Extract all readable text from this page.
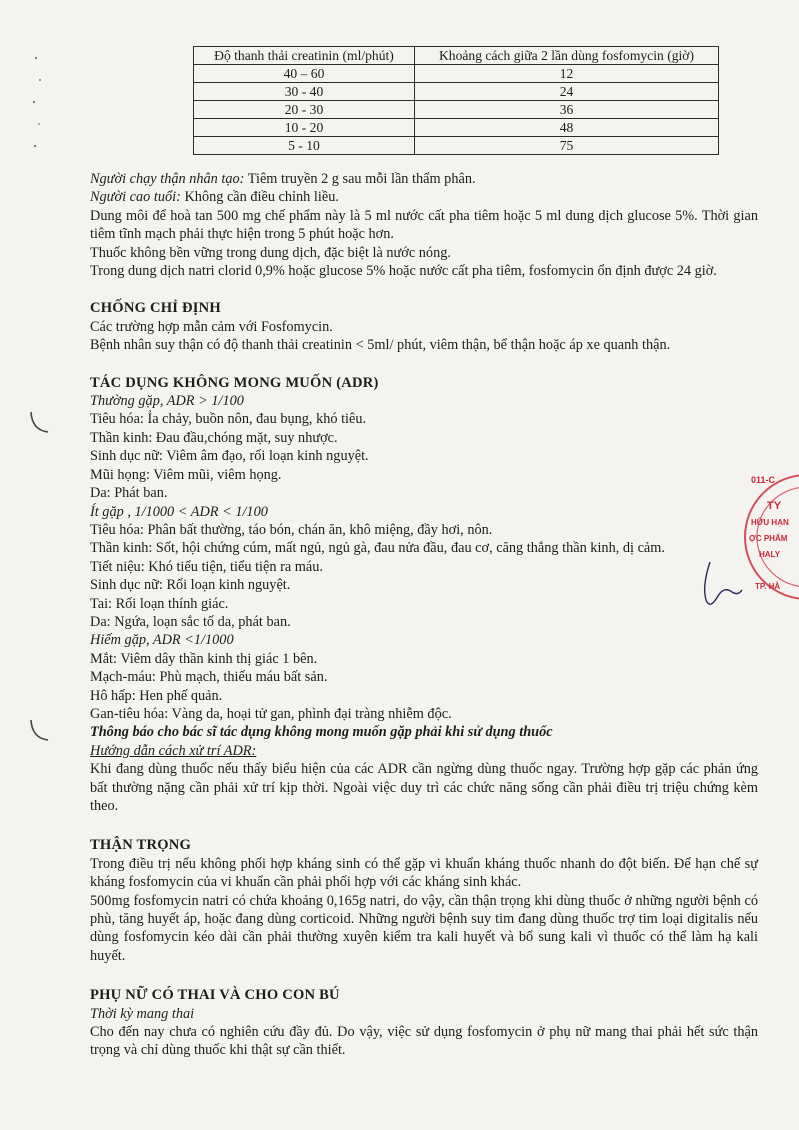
011-C
TY
HỮU HẠN
ỢC PHẨM
HALY
TP. HÀ
Độ thanh thải creatinin (ml/phút)	Khoảng cách giữa 2 lần dùng fosfomycin (giờ)
40 – 60	12
30 - 40	24
20 - 30	36
10 - 20	48
5 - 10	75

Người chạy thận nhân tạo: Tiêm truyền 2 g sau mỗi lần thẩm phân.

Người cao tuổi: Không cần điều chỉnh liều.

Dung môi để hoà tan 500 mg chế phẩm này là 5 ml nước cất pha tiêm hoặc 5 ml dung dịch glucose 5%. Thời gian tiêm tĩnh mạch phải thực hiện trong 5 phút hoặc hơn.

Thuốc không bền vững trong dung dịch, đặc biệt là nước nóng.

Trong dung dịch natri clorid 0,9% hoặc glucose 5% hoặc nước cất pha tiêm, fosfomycin ổn định được 24 giờ.

CHỐNG CHỈ ĐỊNH

Các trường hợp mẫn cảm với Fosfomycin.

Bệnh nhân suy thận có độ thanh thải creatinin < 5ml/ phút, viêm thận, bể thận hoặc áp xe quanh thận.

TÁC DỤNG KHÔNG MONG MUỐN (ADR)

Thường gặp, ADR > 1/100

Tiêu hóa: Ỉa chảy, buồn nôn, đau bụng, khó tiêu.

Thần kinh: Đau đầu,chóng mặt, suy nhược.

Sinh dục nữ: Viêm âm đạo, rối loạn kinh nguyệt.

Mũi họng: Viêm mũi, viêm họng.

Da: Phát ban.

Ít gặp , 1/1000 < ADR < 1/100

Tiêu hóa: Phân bất thường, táo bón, chán ăn, khô miệng, đầy hơi, nôn.

Thần kinh: Sốt, hội chứng cúm, mất ngủ, ngủ gà, đau nửa đầu, đau cơ, căng thẳng thần kinh, dị cảm.

Tiết niệu: Khó tiểu tiện, tiểu tiện ra máu.

Sinh dục nữ: Rối loạn kinh nguyệt.

Tai: Rối loạn thính giác.

Da: Ngứa, loạn sắc tố da, phát ban.

Hiếm gặp, ADR <1/1000

Mắt: Viêm dây thần kinh thị giác 1 bên.

Mạch-máu: Phù mạch, thiếu máu bất sản.

Hô hấp: Hen phế quản.

Gan-tiêu hóa: Vàng da, hoại tử gan, phình đại tràng nhiễm độc.

Thông báo cho bác sĩ tác dụng không mong muốn gặp phải khi sử dụng thuốc

Hướng dẫn cách xử trí ADR:

Khi đang dùng thuốc nếu thấy biểu hiện của các ADR cần ngừng dùng thuốc ngay. Trường hợp gặp các phản ứng bất thường nặng cần phải xử trí kịp thời. Ngoài việc duy trì các chức năng sống cần phải điều trị triệu chứng kèm theo.

THẬN TRỌNG

Trong điều trị nếu không phối hợp kháng sinh có thể gặp vi khuẩn kháng thuốc nhanh do đột biến. Để hạn chế sự kháng fosfomycin của vi khuẩn cần phải phối hợp với các kháng sinh khác.

500mg fosfomycin natri có chứa khoảng 0,165g natri, do vậy, cần thận trọng khi dùng thuốc ở những người bệnh có phù, tăng huyết áp, hoặc đang dùng corticoid. Những người bệnh suy tim đang dùng thuốc trợ tim loại digitalis nếu dùng fosfomycin kéo dài cần phải thường xuyên kiểm tra kali huyết và bổ sung kali vì thuốc có thể làm hạ kali huyết.

PHỤ NỮ CÓ THAI VÀ CHO CON BÚ

Thời kỳ mang thai

Cho đến nay chưa có nghiên cứu đầy đủ. Do vậy, việc sử dụng fosfomycin ở phụ nữ mang thai phải hết sức thận trọng và chỉ dùng thuốc khi thật sự cần thiết.
